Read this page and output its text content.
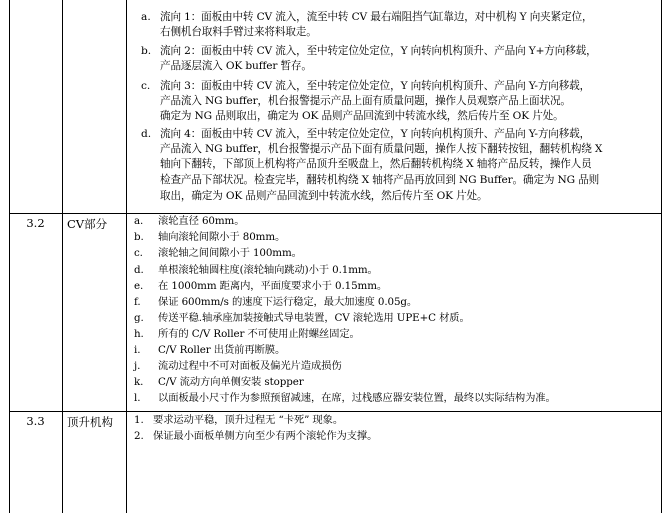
a. 流向 1：面板由中转 CV 流入，流至中转 CV 最右端阻挡气缸靠边，对中机构 Y 向夹紧定位，
右侧机台取料手臂过来将料取走。
b. 流向 2：面板由中转 CV 流入，至中转定位处定位，Y 向转向机构顶升、产品向 Y+方向移载，
产品逐层流入 OK buffer 暂存。
c. 流向 3：面板由中转 CV 流入，至中转定位处定位，Y 向转向机构顶升、产品向 Y-方向移载，
产品流入 NG buffer，机台报警提示产品上面有质量问题，操作人员观察产品上面状况。
确定为 NG 品则取出，确定为 OK 品则产品回流到中转流水线，然后传片至 OK 片处。
d. 流向 4：面板由中转 CV 流入，至中转定位处定位，Y 向转向机构顶升、产品向 Y-方向移载，
产品流入 NG buffer，机台报警提示产品下面有质量问题，操作人按下翻转按钮，翻转机构绕 X
轴向下翻转，下部顶上机构将产品顶升至吸盘上，然后翻转机构绕 X 轴将产品反转，操作人员
检查产品下部状况。检查完毕，翻转机构绕 X 轴将产品再放回到 NG Buffer。确定为 NG 品则
取出，确定为 OK 品则产品回流到中转流水线，然后传片至 OK 片处。
3.2	CV部分	a. 滚轮直径 60mm。
b. 轴向滚轮间隙小于 80mm。
c. 滚轮轴之间间隙小于 100mm。
d. 单根滚轮轴圆柱度(滚轮轴向跳动)小于 0.1mm。
e. 在 1000mm 距离内，平面度要求小于 0.15mm。
f. 保证 600mm/s 的速度下运行稳定，最大加速度 0.05g。
g. 传送平稳.轴承座加装接触式导电装置，CV 滚轮选用 UPE+C 材质。
h. 所有的 C/V Roller 不可使用止附螺丝固定。
i. C/V Roller 出货前再断膜。
j. 流动过程中不可对面板及偏光片造成损伤
k. C/V 流动方向单侧安装 stopper
l. 以面板最小尺寸作为参照预留减速，在席，过栈感应器安装位置，最终以实际结构为准。
3.3	顶升机构 1. 要求运动平稳，顶升过程无 “卡死” 现象。
2. 保证最小面板单侧方向至少有两个滚轮作为支撑。
